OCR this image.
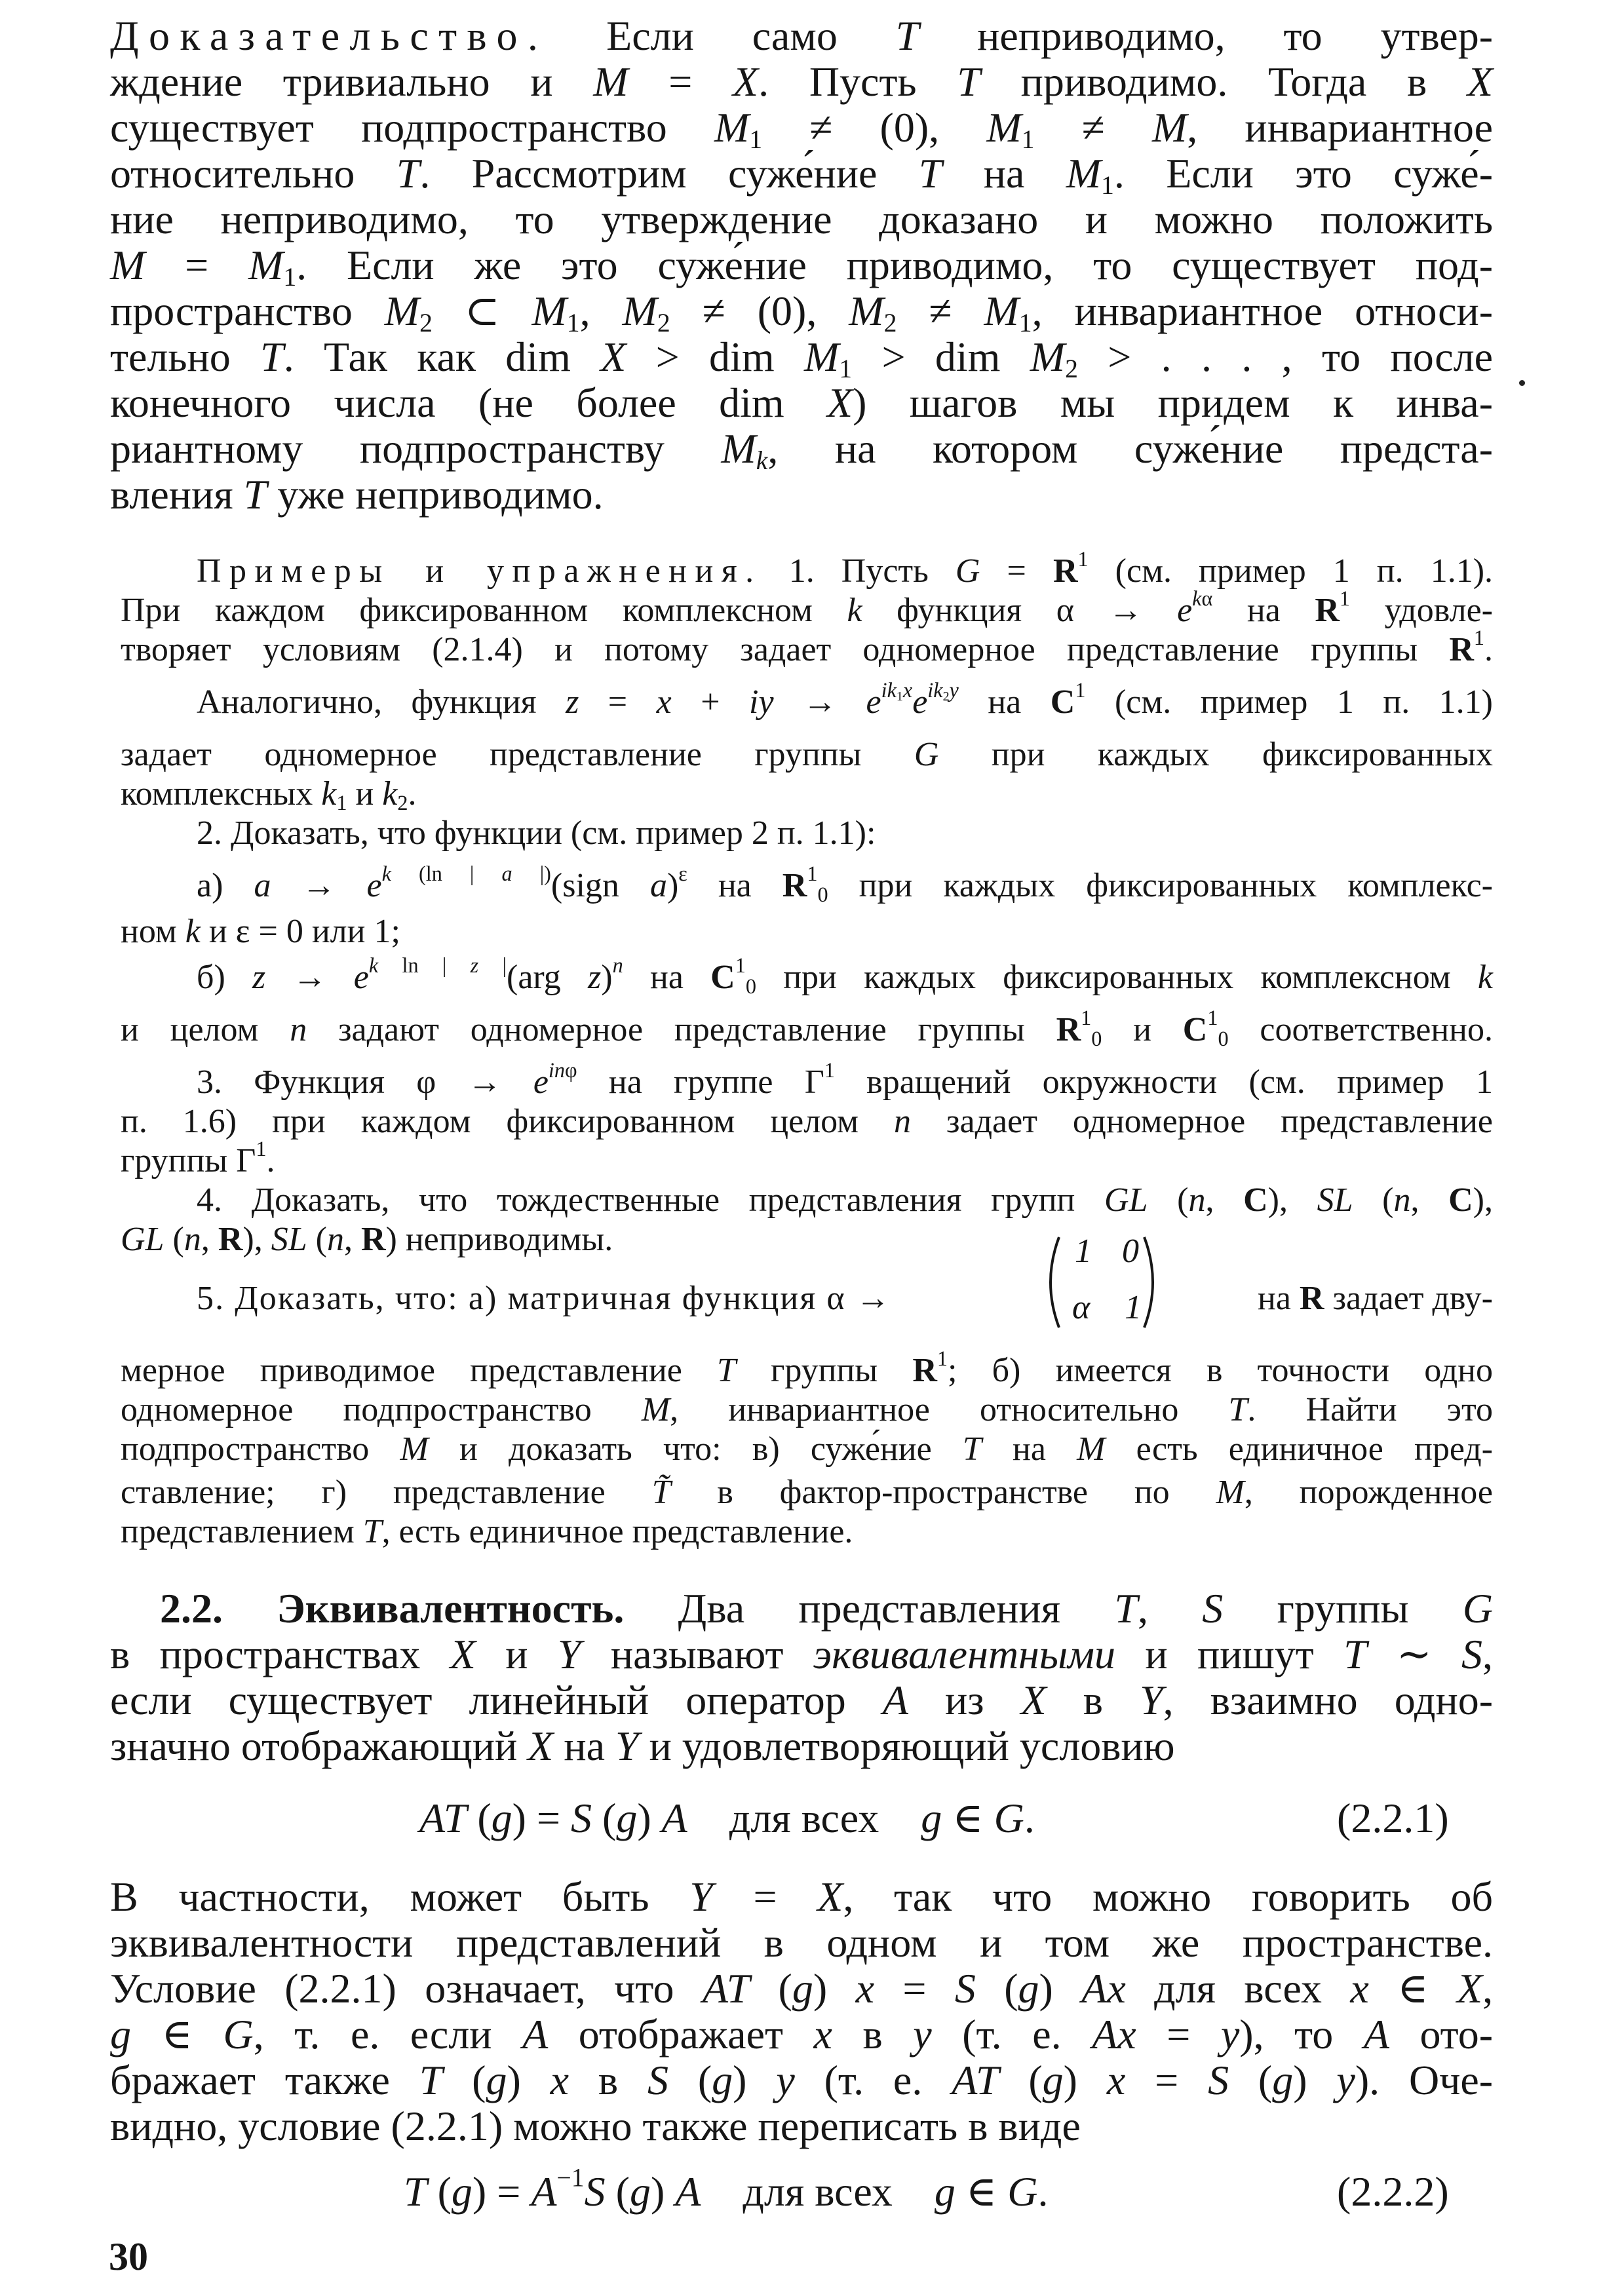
Доказательство. Если само T неприводимо, то утвер-
ждение тривиально и M = X. Пусть T приводимо. Тогда в X
существует подпространство $M_1 \ne (0)$, $M_1 \ne M$, инвариантное
относительно T. Рассмотрим суже́ние T на $M_1$. Если это суже́-
ние неприводимо, то утверждение доказано и можно положить
$M = M_1$. Если же это суже́ние приводимо, то существует под-
пространство $M_2$ ⊂ $M_1$, $M_2 \ne (0)$, $M_2 \ne M_1$, инвариантное относи-
тельно T. Так как dim X > dim $M_1$ > dim $M_2$ > . . . , то после
конечного числа (не более dim X) шагов мы придем к инва-
риантному подпространству $M_k$, на котором суже́ние предста-
вления T уже неприводимо.
Примеры и упражнения. 1. Пусть $G = R^1$ (см. пример 1 п. 1.1).
При каждом фиксированном комплексном k функция $\alpha \to e^{k\alpha}$ на $R^1$ удовле-
творяет условиям (2.1.4) и потому задает одномерное представление группы $R^1$.
Аналогично, функция z = x + iy → $e^{ik_1x}e^{ik_2y}$ на $C^1$ (см. пример 1 п. 1.1)
задает одномерное представление группы G при каждых фиксированных
комплексных $k_1$ и $k_2$.
2. Доказать, что функции (см. пример 2 п. 1.1):
а) $a \to e^{k (ln | a |)}(sign$ a)$^\varepsilon$ на $R^1_0$ при каждых фиксированных комплекс-
ном k и ε = 0 или 1;
б) $z \to e^{k ln | z |}(arg$ z)$^n$ на $C^1_0$ при каждых фиксированных комплексном k
и целом n задают одномерное представление группы $R^1_0$ и $C^1_0$ соответственно.
3. Функция $\varphi \to e^{in\varphi}$ на группе $\Gamma^1$ вращений окружности (см. пример 1
п. 1.6) при каждом фиксированном целом n задает одномерное представление
группы $\Gamma^1$.
4. Доказать, что тождественные представления групп GL (n, C), SL (n, C),
GL (n, R), SL (n, R) неприводимы.
5. Доказать, что: а) матричная функция α →
1 0
α 1	на R задает дву-
мерное приводимое представление T группы $R^1$; б) имеется в точности одно
одномерное подпространство M, инвариантное относительно T. Найти это
подпространство M и доказать что: в) суже́ние T на M есть единичное пред-
ставление; г) представление T̃ в фактор-пространстве по M, порожденное
представлением T, есть единичное представление.
2.2. Эквивалентность. Два представления T, S группы G
в пространствах X и Y называют эквивалентными и пишут T ∼ S,
если существует линейный оператор A из X в Y, взаимно одно-
значно отображающий X на Y и удовлетворяющий условию
AT (g) = S (g) A    для всех    g ∈ G.	(2.2.1)
В частности, может быть Y = X, так что можно говорить об
эквивалентности представлений в одном и том же пространстве.
Условие (2.2.1) означает, что AT (g) x = S (g) Ax для всех x ∈ X,
g ∈ G, т. е. если A отображает x в y (т. е. Ax = y), то A ото-
бражает также T (g) x в S (g) y (т. е. AT (g) x = S (g) y). Оче-
видно, условие (2.2.1) можно также переписать в виде
T $(g) = A^{-1}S$ (g) A    для всех    g ∈ G.	(2.2.2)
30
